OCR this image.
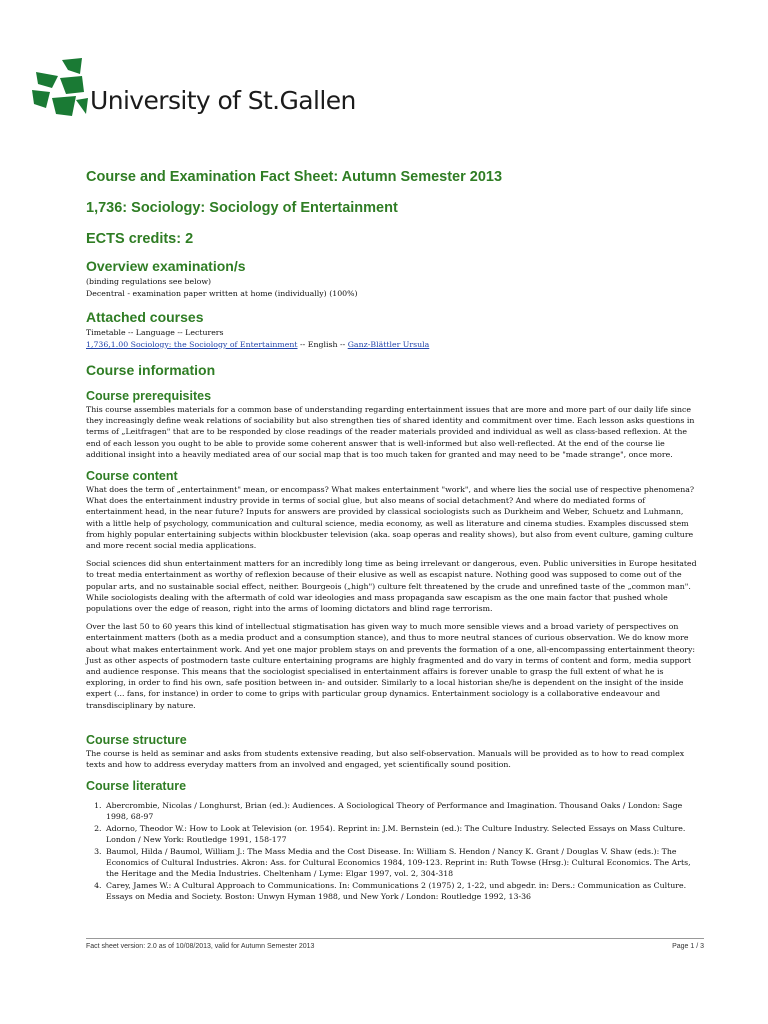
University of St.Gallen
Course and Examination Fact Sheet: Autumn Semester 2013
1,736: Sociology: Sociology of Entertainment
ECTS credits: 2
Overview examination/s

(binding regulations see below)

Decentral - examination paper written at home (individually) (100%)

Attached courses

Timetable -- Language -- Lecturers

1,736,1.00 Sociology: the Sociology of Entertainment -- English -- Ganz-Blättler Ursula

Course information
Course prerequisites

This course assembles materials for a common base of understanding regarding entertainment issues that are more and more part of our daily life since they increasingly define weak relations of sociability but also strengthen ties of shared identity and commitment over time. Each lesson asks questions in terms of „Leitfragen" that are to be responded by close readings of the reader materials provided and individual as well as class-based reflexion. At the end of each lesson you ought to be able to provide some coherent answer that is well-informed but also well-reflected. At the end of the course lie additional insight into a heavily mediated area of our social map that is too much taken for granted and may need to be "made strange", once more.

Course content

What does the term of „entertainment" mean, or encompass? What makes entertainment "work", and where lies the social use of respective phenomena? What does the entertainment industry provide in terms of social glue, but also means of social detachment? And where do mediated forms of entertainment head, in the near future? Inputs for answers are provided by classical sociologists such as Durkheim and Weber, Schuetz and Luhmann, with a little help of psychology, communication and cultural science, media economy, as well as literature and cinema studies. Examples discussed stem from highly popular entertaining subjects within blockbuster television (aka. soap operas and reality shows), but also from event culture, gaming culture and more recent social media applications.

Social sciences did shun entertainment matters for an incredibly long time as being irrelevant or dangerous, even. Public universities in Europe hesitated to treat media entertainment as worthy of reflexion because of their elusive as well as escapist nature. Nothing good was supposed to come out of the popular arts, and no sustainable social effect, neither. Bourgeois („high") culture felt threatened by the crude and unrefined taste of the „common man". While sociologists dealing with the aftermath of cold war ideologies and mass propaganda saw escapism as the one main factor that pushed whole populations over the edge of reason, right into the arms of looming dictators and blind rage terrorism.

Over the last 50 to 60 years this kind of intellectual stigmatisation has given way to much more sensible views and a broad variety of perspectives on entertainment matters (both as a media product and a consumption stance), and thus to more neutral stances of curious observation. We do know more about what makes entertainment work. And yet one major problem stays on and prevents the formation of a one, all-encompassing entertainment theory: Just as other aspects of postmodern taste culture entertaining programs are highly fragmented and do vary in terms of content and form, media support and audience response. This means that the sociologist specialised in entertainment affairs is forever unable to grasp the full extent of what he is exploring, in order to find his own, safe position between in- and outsider. Similarly to a local historian she/he is dependent on the insight of the inside expert (... fans, for instance) in order to come to grips with particular group dynamics. Entertainment sociology is a collaborative endeavour and transdisciplinary by nature.

Course structure

The course is held as seminar and asks from students extensive reading, but also self-observation. Manuals will be provided as to how to read complex texts and how to address everyday matters from an involved and engaged, yet scientifically sound position.

Course literature
1. Abercrombie, Nicolas / Longhurst, Brian (ed.): Audiences. A Sociological Theory of Performance and Imagination. Thousand Oaks / London: Sage 1998, 68-97
2. Adorno, Theodor W.: How to Look at Television (or. 1954). Reprint in: J.M. Bernstein (ed.): The Culture Industry. Selected Essays on Mass Culture. London / New York: Routledge 1991, 158-177
3. Baumol, Hilda / Baumol, William J.: The Mass Media and the Cost Disease. In: William S. Hendon / Nancy K. Grant / Douglas V. Shaw (eds.): The Economics of Cultural Industries. Akron: Ass. for Cultural Economics 1984, 109-123. Reprint in: Ruth Towse (Hrsg.): Cultural Economics. The Arts, the Heritage and the Media Industries. Cheltenham / Lyme: Elgar 1997, vol. 2, 304-318
4. Carey, James W.: A Cultural Approach to Communications. In: Communications 2 (1975) 2, 1-22, und abgedr. in: Ders.: Communication as Culture. Essays on Media and Society. Boston: Unwyn Hyman 1988, und New York / London: Routledge 1992, 13-36
Fact sheet version: 2.0 as of 10/08/2013, valid for Autumn Semester 2013	Page 1 / 3
